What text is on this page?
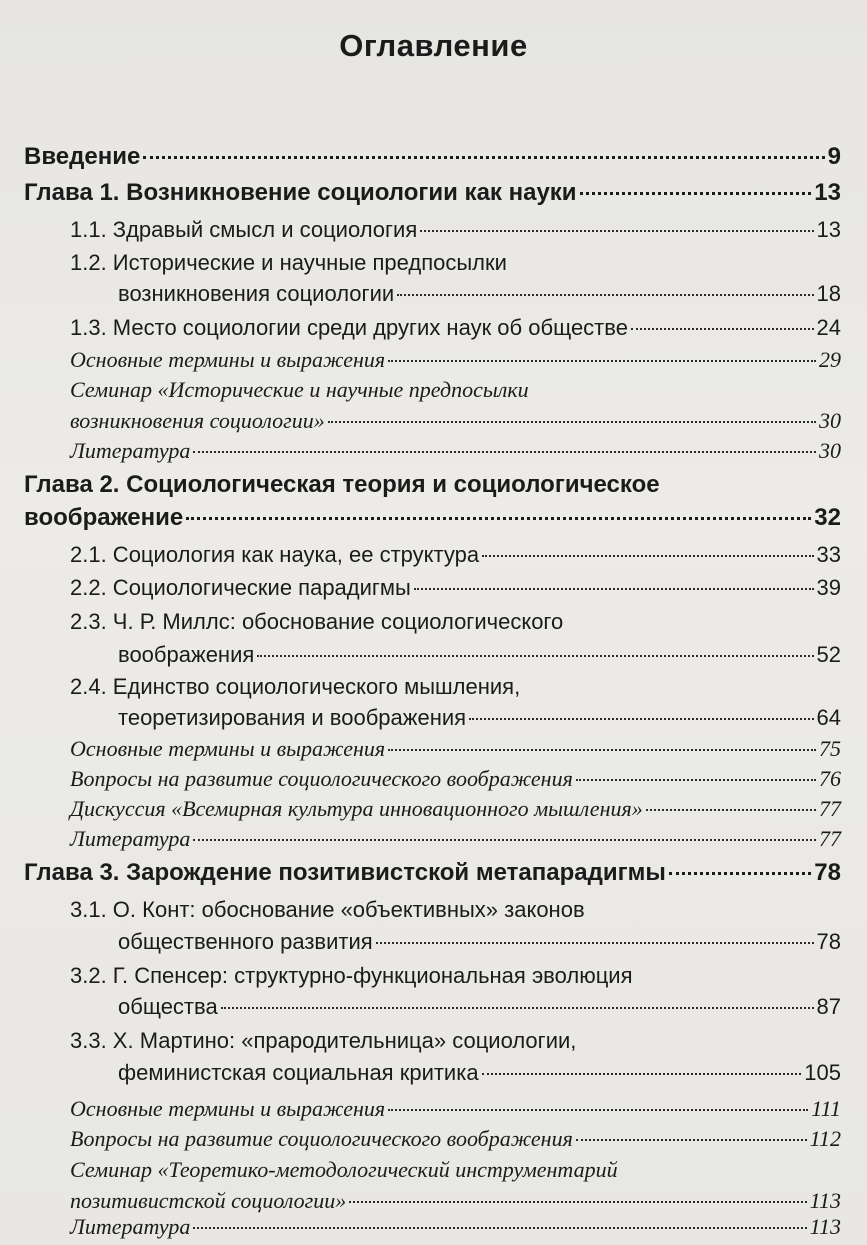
Оглавление
Введение	9
Глава 1. Возникновение социологии как науки	13
1.1. Здравый смысл и социология	13
1.2. Исторические и научные предпосылки
возникновения социологии	18
1.3. Место социологии среди других наук об обществе	24
Основные термины и выражения	29
Семинар «Исторические и научные предпосылки
возникновения социологии»	30
Литература	30
Глава 2. Социологическая теория и социологическое
воображение	32
2.1. Социология как наука, ее структура	33
2.2. Социологические парадигмы	39
2.3. Ч. Р. Миллс: обоснование социологического
воображения	52
2.4. Единство социологического мышления,
теоретизирования и воображения	64
Основные термины и выражения	75
Вопросы на развитие социологического воображения	76
Дискуссия «Всемирная культура инновационного мышления»	77
Литература	77
Глава 3. Зарождение позитивистской метапарадигмы	78
3.1. О. Конт: обоснование «объективных» законов
общественного развития	78
3.2. Г. Спенсер: структурно-функциональная эволюция
общества	87
3.3. Х. Мартино: «прародительница» социологии,
феминистская социальная критика	105
Основные термины и выражения	111
Вопросы на развитие социологического воображения	112
Семинар «Теоретико-методологический инструментарий
позитивистской социологии»	113
Литература	113
